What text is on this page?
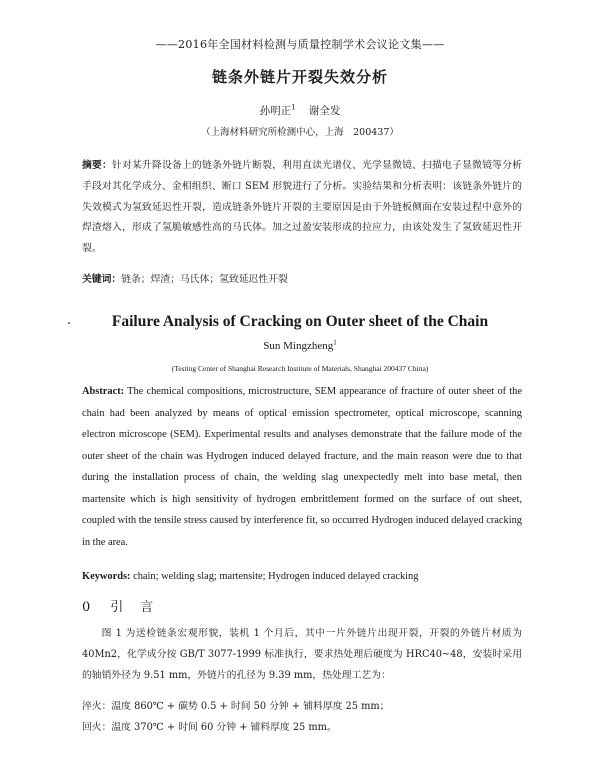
——2016年全国材料检测与质量控制学术会议论文集——
链条外链片开裂失效分析
孙明正$^1$ 谢全发
（上海材料研究所检测中心，上海　200437）
摘要：针对某升降设备上的链条外链片断裂，利用直读光谱仪、光学显微镜、扫描电子显微镜等分析手段对其化学成分、金相组织、断口 SEM 形貌进行了分析。实验结果和分析表明：该链条外链片的失效模式为氢致延迟性开裂，造成链条外链片开裂的主要原因是由于外链板侧面在安装过程中意外的焊渣熔入，形成了氢脆敏感性高的马氏体。加之过盈安装形成的拉应力，由该处发生了氢致延迟性开裂。
关键词：链条；焊渣；马氏体；氢致延迟性开裂
Failure Analysis of Cracking on Outer sheet of the Chain
Sun Mingzheng$^1$
(Testing Center of Shanghai Research Institute of Materials, Shanghai 200437 China)
Abstract: The chemical compositions, microstructure, SEM appearance of fracture of outer sheet of the chain had been analyzed by means of optical emission spectrometer, optical microscope, scanning electron microscope (SEM). Experimental results and analyses demonstrate that the failure mode of the outer sheet of the chain was Hydrogen induced delayed fracture, and the main reason were due to that during the installation process of chain, the welding slag unexpectedly melt into base metal, then martensite which is high sensitivity of hydrogen embrittlement formed on the surface of out sheet, coupled with the tensile stress caused by interference fit, so occurred Hydrogen induced delayed cracking in the area.
Keywords: chain; welding slag; martensite; Hydrogen induced delayed cracking
0 引　言
图 1 为送检链条宏观形貌，装机 1 个月后，其中一片外链片出现开裂，开裂的外链片材质为 40Mn2，化学成分按 GB/T 3077-1999 标准执行，要求热处理后硬度为 HRC40~48，安装时采用的轴销外径为 9.51 mm，外链片的孔径为 9.39 mm，热处理工艺为：
淬火：温度 860℃ + 碳势 0.5 + 时间 50 分钟 + 铺料厚度 25 mm；
回火：温度 370℃ + 时间 60 分钟 + 铺料厚度 25 mm。
